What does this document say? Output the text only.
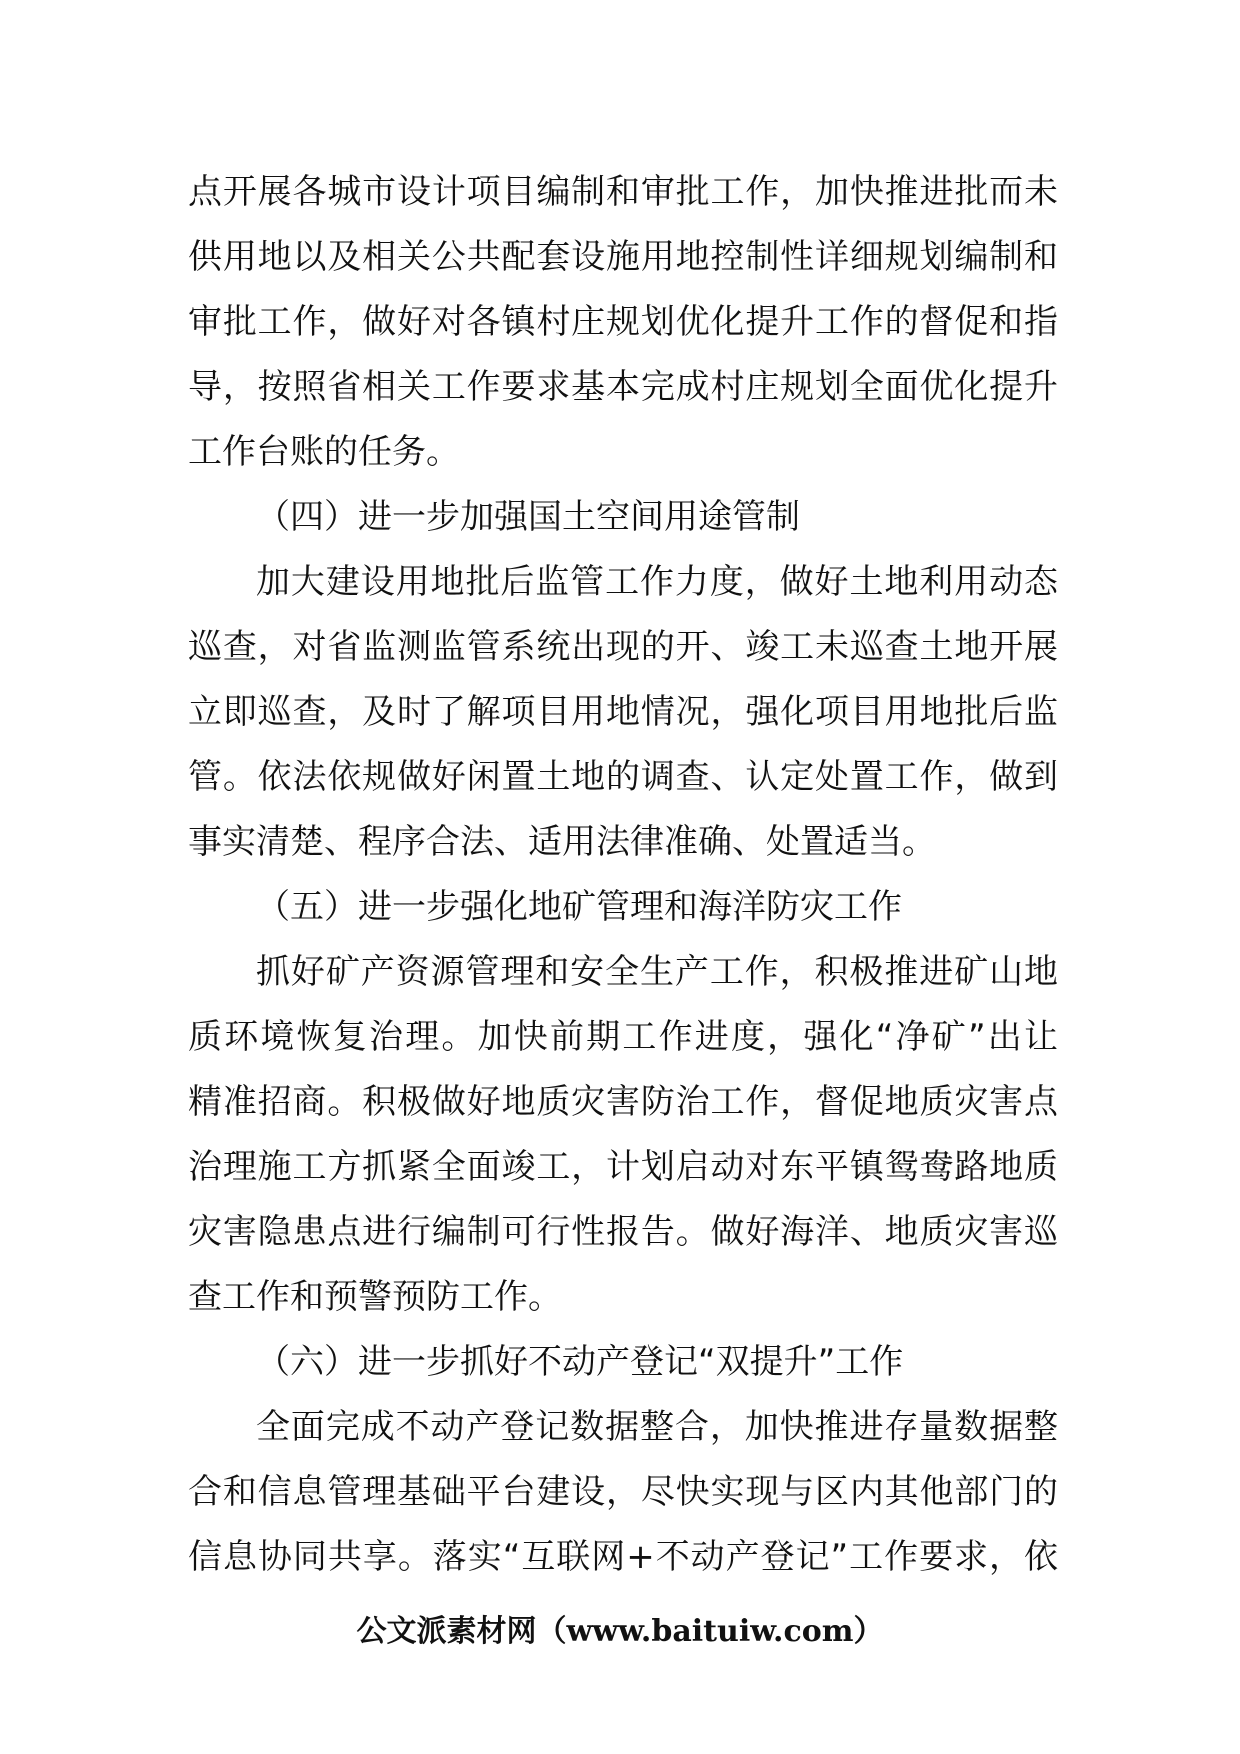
点开展各城市设计项目编制和审批工作，加快推进批而未
供用地以及相关公共配套设施用地控制性详细规划编制和
审批工作，做好对各镇村庄规划优化提升工作的督促和指
导，按照省相关工作要求基本完成村庄规划全面优化提升
工作台账的任务。
（四）进一步加强国土空间用途管制
加大建设用地批后监管工作力度，做好土地利用动态
巡查，对省监测监管系统出现的开、竣工未巡查土地开展
立即巡查，及时了解项目用地情况，强化项目用地批后监
管。依法依规做好闲置土地的调查、认定处置工作，做到
事实清楚、程序合法、适用法律准确、处置适当。
（五）进一步强化地矿管理和海洋防灾工作
抓好矿产资源管理和安全生产工作，积极推进矿山地
质环境恢复治理。加快前期工作进度，强化“净矿”出让
精准招商。积极做好地质灾害防治工作，督促地质灾害点
治理施工方抓紧全面竣工，计划启动对东平镇鸳鸯路地质
灾害隐患点进行编制可行性报告。做好海洋、地质灾害巡
查工作和预警预防工作。
（六）进一步抓好不动产登记“双提升”工作
全面完成不动产登记数据整合，加快推进存量数据整
合和信息管理基础平台建设，尽快实现与区内其他部门的
信息协同共享。落实“互联网+不动产登记”工作要求，依
公文派素材网（www.baituiw.com）
